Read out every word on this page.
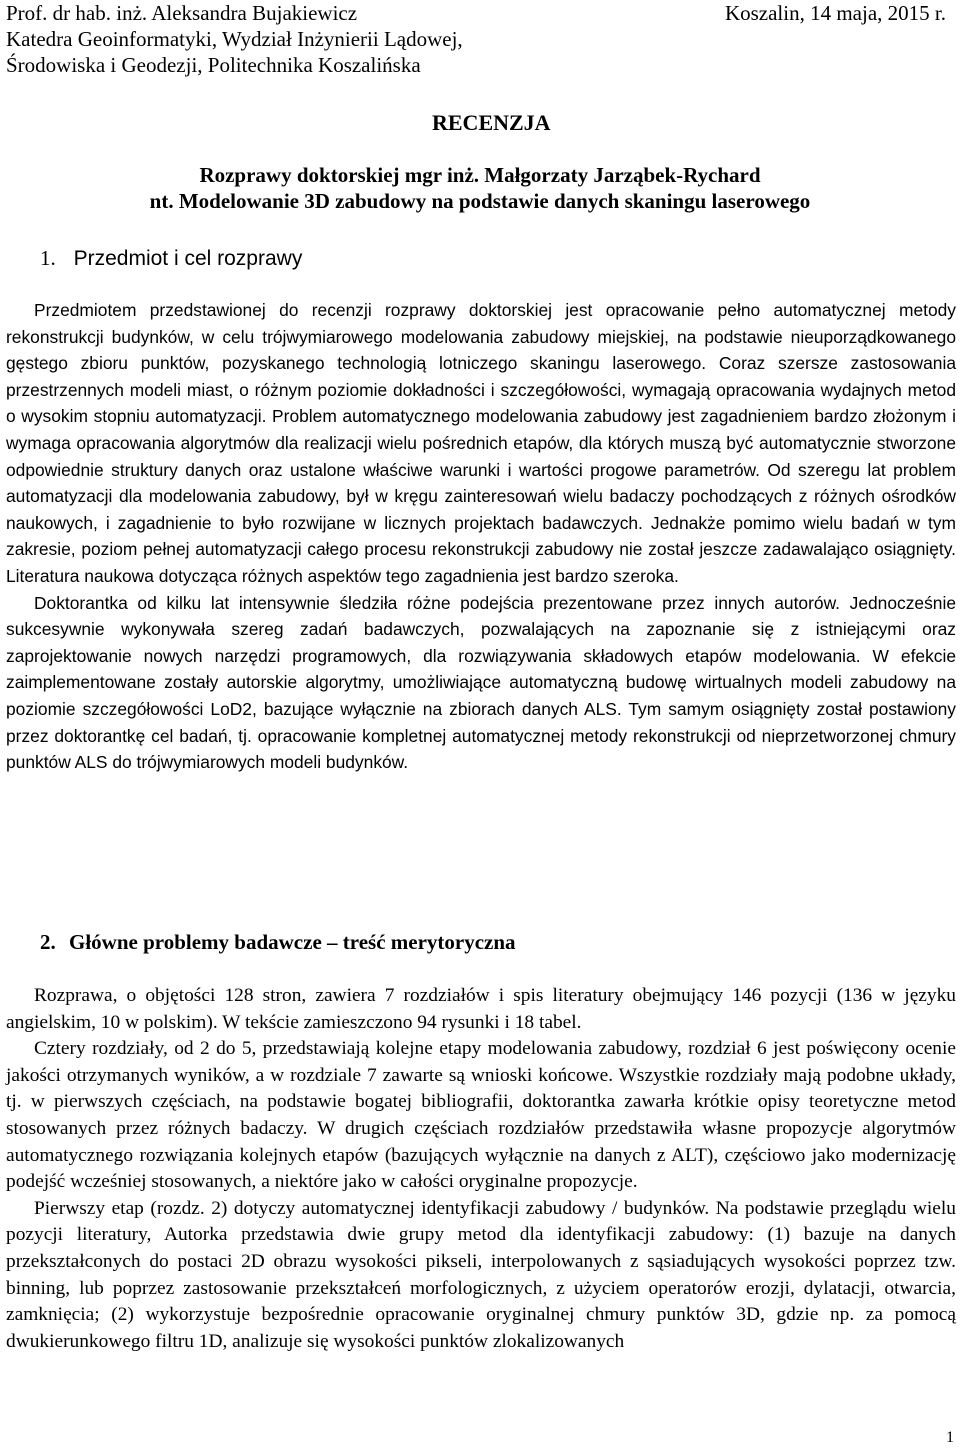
Prof. dr hab. inż. Aleksandra Bujakiewicz
Katedra Geoinformatyki, Wydział Inżynierii Lądowej,
Środowiska i Geodezji, Politechnika Koszalińska
Koszalin, 14 maja, 2015 r.
RECENZJA
Rozprawy doktorskiej mgr inż. Małgorzaty Jarząbek-Rychard
nt. Modelowanie 3D zabudowy na podstawie danych skaningu laserowego
1. Przedmiot i cel rozprawy

Przedmiotem przedstawionej do recenzji rozprawy doktorskiej jest opracowanie pełno automatycznej metody rekonstrukcji budynków, w celu trójwymiarowego modelowania zabudowy miejskiej, na podstawie nieuporządkowanego gęstego zbioru punktów, pozyskanego technologią lotniczego skaningu laserowego. Coraz szersze zastosowania przestrzennych modeli miast, o różnym poziomie dokładności i szczegółowości, wymagają opracowania wydajnych metod o wysokim stopniu automatyzacji. Problem automatycznego modelowania zabudowy jest zagadnieniem bardzo złożonym i wymaga opracowania algorytmów dla realizacji wielu pośrednich etapów, dla których muszą być automatycznie stworzone odpowiednie struktury danych oraz ustalone właściwe warunki i wartości progowe parametrów. Od szeregu lat problem automatyzacji dla modelowania zabudowy, był w kręgu zainteresowań wielu badaczy pochodzących z różnych ośrodków naukowych, i zagadnienie to było rozwijane w licznych projektach badawczych. Jednakże pomimo wielu badań w tym zakresie, poziom pełnej automatyzacji całego procesu rekonstrukcji zabudowy nie został jeszcze zadawalająco osiągnięty. Literatura naukowa dotycząca różnych aspektów tego zagadnienia jest bardzo szeroka.

Doktorantka od kilku lat intensywnie śledziła różne podejścia prezentowane przez innych autorów. Jednocześnie sukcesywnie wykonywała szereg zadań badawczych, pozwalających na zapoznanie się z istniejącymi oraz zaprojektowanie nowych narzędzi programowych, dla rozwiązywania składowych etapów modelowania. W efekcie zaimplementowane zostały autorskie algorytmy, umożliwiające automatyczną budowę wirtualnych modeli zabudowy na poziomie szczegółowości LoD2, bazujące wyłącznie na zbiorach danych ALS. Tym samym osiągnięty został postawiony przez doktorantkę cel badań, tj. opracowanie kompletnej automatycznej metody rekonstrukcji od nieprzetworzonej chmury punktów ALS do trójwymiarowych modeli budynków.

2. Główne problemy badawcze – treść merytoryczna

Rozprawa, o objętości 128 stron, zawiera 7 rozdziałów i spis literatury obejmujący 146 pozycji (136 w języku angielskim, 10 w polskim). W tekście zamieszczono 94 rysunki i 18 tabel.

Cztery rozdziały, od 2 do 5, przedstawiają kolejne etapy modelowania zabudowy, rozdział 6 jest poświęcony ocenie jakości otrzymanych wyników, a w rozdziale 7 zawarte są wnioski końcowe. Wszystkie rozdziały mają podobne układy, tj. w pierwszych częściach, na podstawie bogatej bibliografii, doktorantka zawarła krótkie opisy teoretyczne metod stosowanych przez różnych badaczy. W drugich częściach rozdziałów przedstawiła własne propozycje algorytmów automatycznego rozwiązania kolejnych etapów (bazujących wyłącznie na danych z ALT), częściowo jako modernizację podejść wcześniej stosowanych, a niektóre jako w całości oryginalne propozycje.

Pierwszy etap (rozdz. 2) dotyczy automatycznej identyfikacji zabudowy / budynków. Na podstawie przeglądu wielu pozycji literatury, Autorka przedstawia dwie grupy metod dla identyfikacji zabudowy: (1) bazuje na danych przekształconych do postaci 2D obrazu wysokości pikseli, interpolowanych z sąsiadujących wysokości poprzez tzw. binning, lub poprzez zastosowanie przekształceń morfologicznych, z użyciem operatorów erozji, dylatacji, otwarcia, zamknięcia; (2) wykorzystuje bezpośrednie opracowanie oryginalnej chmury punktów 3D, gdzie np. za pomocą dwukierunkowego filtru 1D, analizuje się wysokości punktów zlokalizowanych

1
